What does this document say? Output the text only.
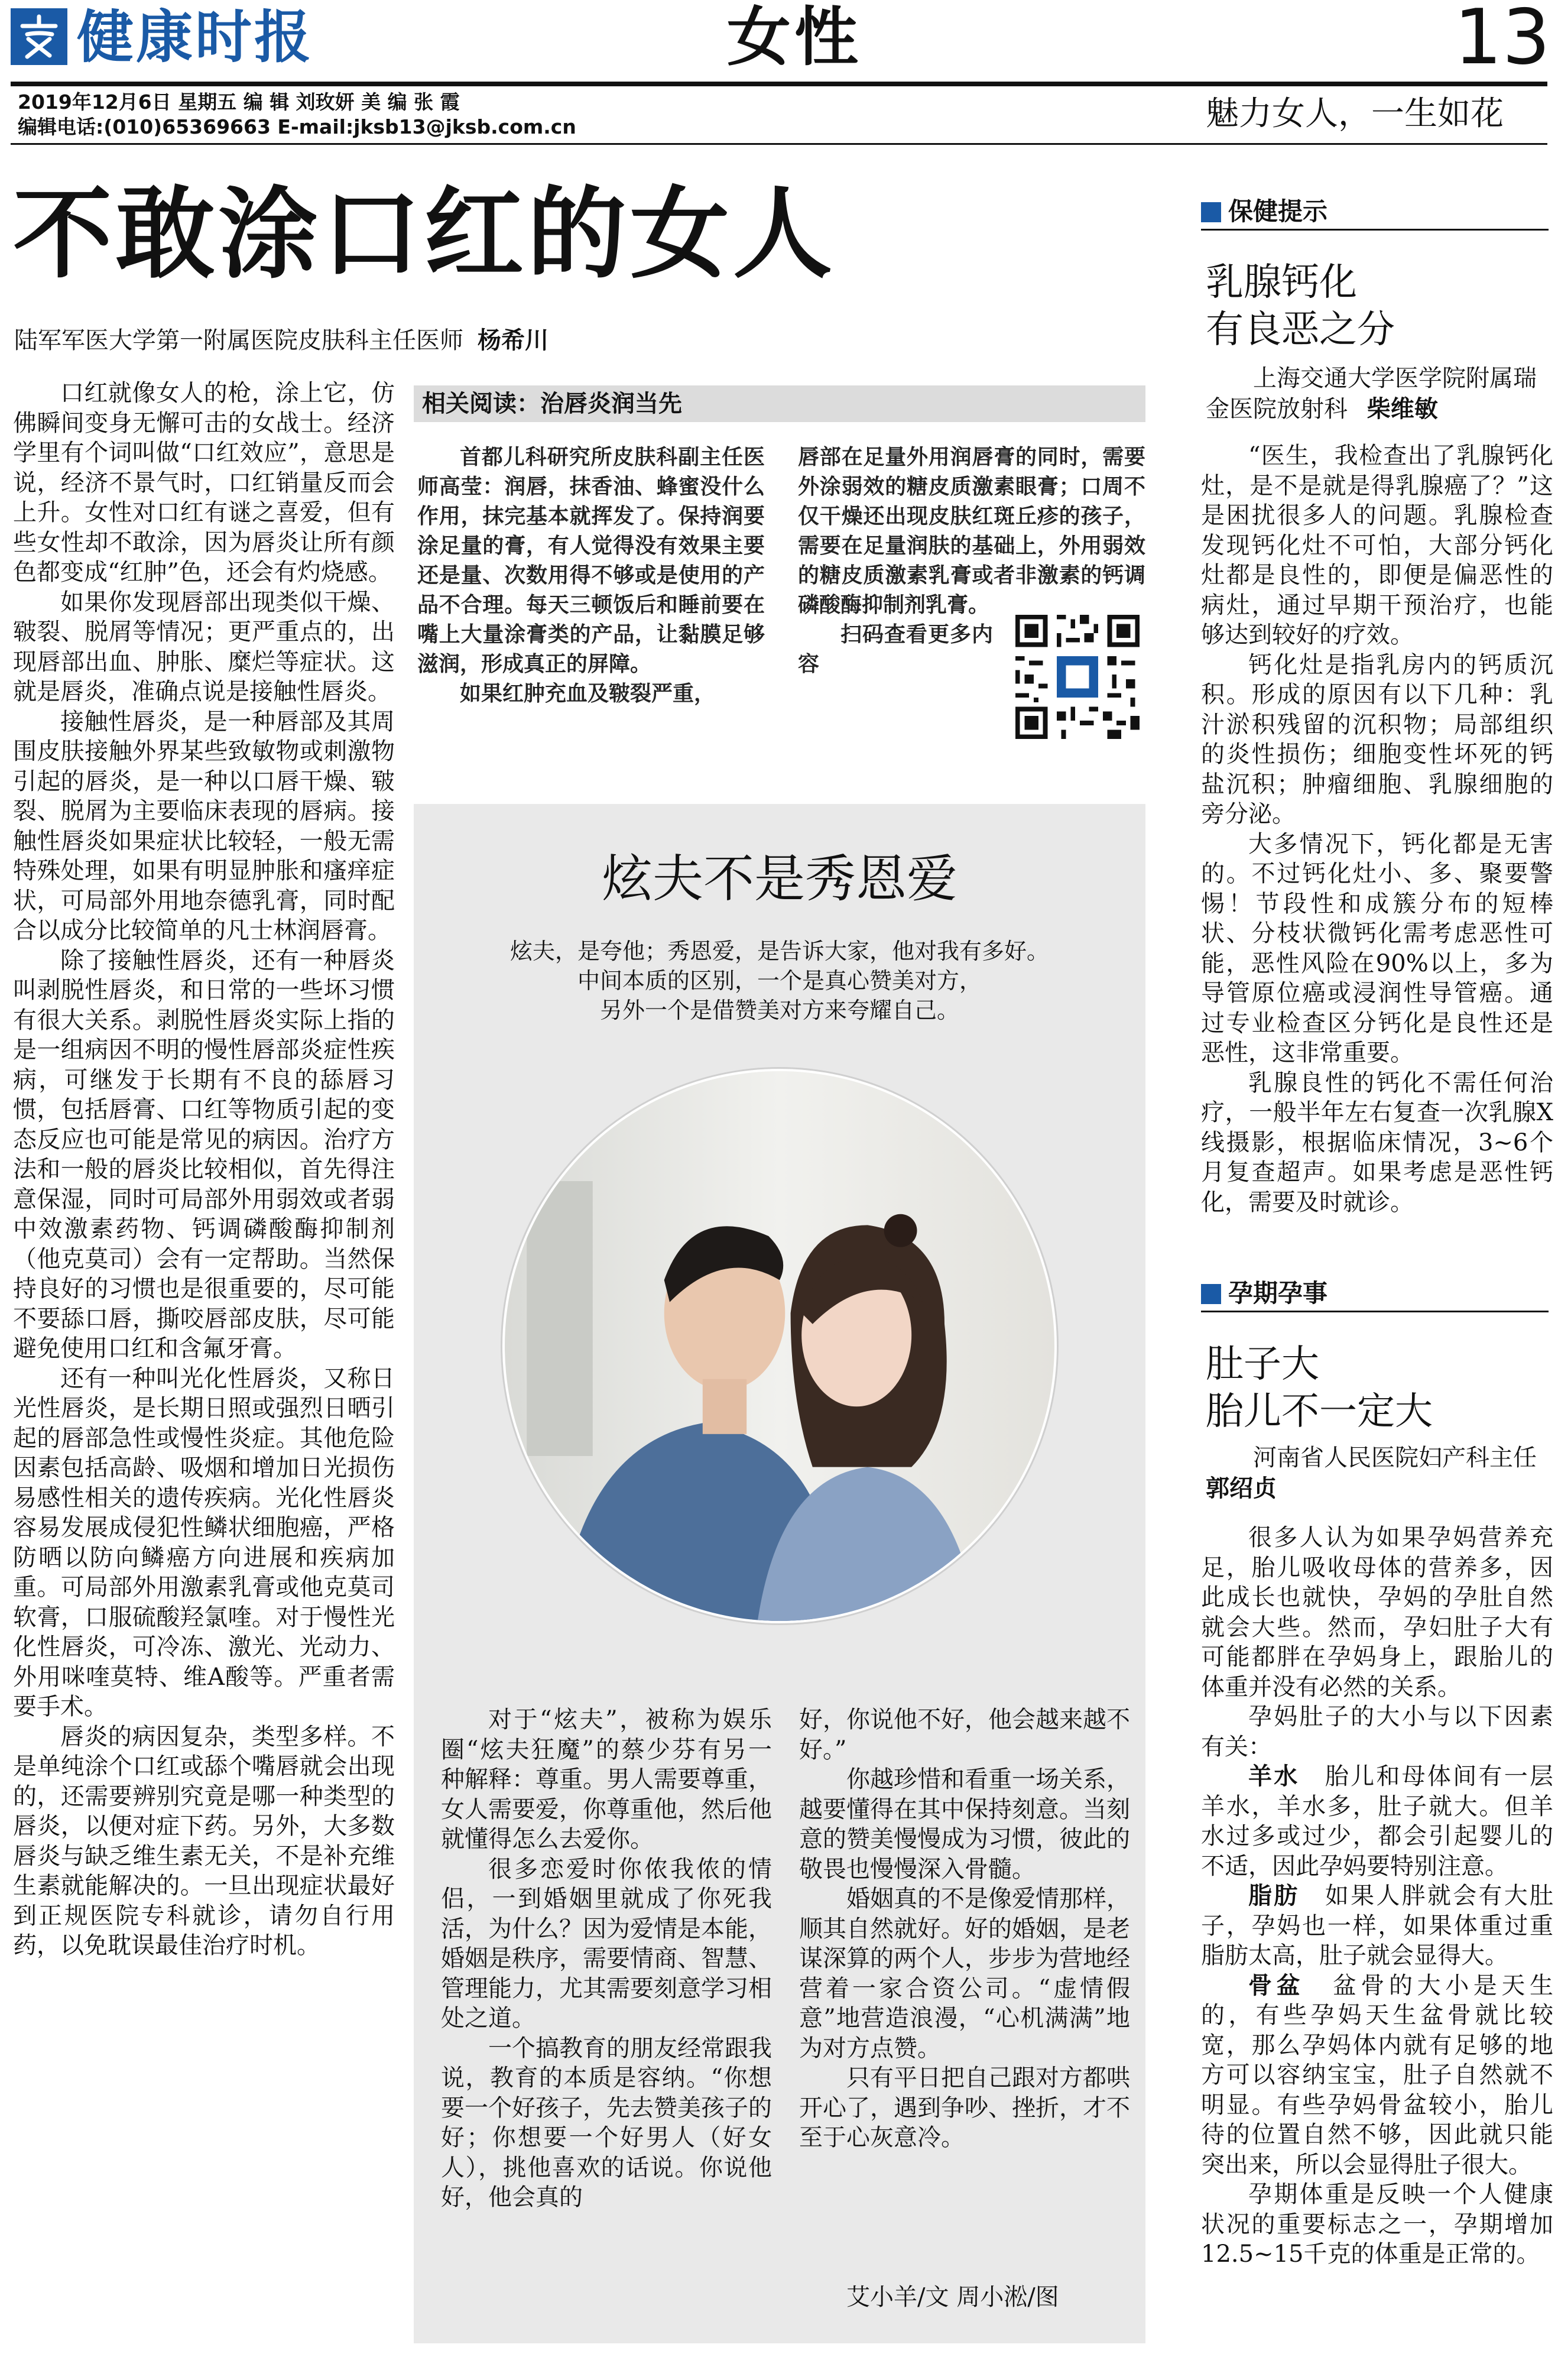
健康时报	女性	13
2019年12月6日 星期五 编 辑 刘玫妍 美 编 张 霞
编辑电话:(010)65369663 E-mail:jksb13@jksb.com.cn	魅力女人，一生如花
不敢涂口红的女人
陆军军医大学第一附属医院皮肤科主任医师 杨希川

口红就像女人的枪，涂上它，仿佛瞬间变身无懈可击的女战士。经济学里有个词叫做“口红效应”，意思是说，经济不景气时，口红销量反而会上升。女性对口红有谜之喜爱，但有些女性却不敢涂，因为唇炎让所有颜色都变成“红肿”色，还会有灼烧感。

如果你发现唇部出现类似干燥、皲裂、脱屑等情况；更严重点的，出现唇部出血、肿胀、糜烂等症状。这就是唇炎，准确点说是接触性唇炎。

接触性唇炎，是一种唇部及其周围皮肤接触外界某些致敏物或刺激物引起的唇炎，是一种以口唇干燥、皲裂、脱屑为主要临床表现的唇病。接触性唇炎如果症状比较轻，一般无需特殊处理，如果有明显肿胀和瘙痒症状，可局部外用地奈德乳膏，同时配合以成分比较简单的凡士林润唇膏。

除了接触性唇炎，还有一种唇炎叫剥脱性唇炎，和日常的一些坏习惯有很大关系。剥脱性唇炎实际上指的是一组病因不明的慢性唇部炎症性疾病，可继发于长期有不良的舔唇习惯，包括唇膏、口红等物质引起的变态反应也可能是常见的病因。治疗方法和一般的唇炎比较相似，首先得注意保湿，同时可局部外用弱效或者弱中效激素药物、钙调磷酸酶抑制剂（他克莫司）会有一定帮助。当然保持良好的习惯也是很重要的，尽可能不要舔口唇，撕咬唇部皮肤，尽可能避免使用口红和含氟牙膏。

还有一种叫光化性唇炎，又称日光性唇炎，是长期日照或强烈日晒引起的唇部急性或慢性炎症。其他危险因素包括高龄、吸烟和增加日光损伤易感性相关的遗传疾病。光化性唇炎容易发展成侵犯性鳞状细胞癌，严格防晒以防向鳞癌方向进展和疾病加重。可局部外用激素乳膏或他克莫司软膏，口服硫酸羟氯喹。对于慢性光化性唇炎，可冷冻、激光、光动力、外用咪喹莫特、维A酸等。严重者需要手术。

唇炎的病因复杂，类型多样。不是单纯涂个口红或舔个嘴唇就会出现的，还需要辨别究竟是哪一种类型的唇炎，以便对症下药。另外，大多数唇炎与缺乏维生素无关，不是补充维生素就能解决的。一旦出现症状最好到正规医院专科就诊，请勿自行用药，以免耽误最佳治疗时机。

相关阅读：治唇炎润当先

首都儿科研究所皮肤科副主任医师高莹：润唇，抹香油、蜂蜜没什么作用，抹完基本就挥发了。保持润要涂足量的膏，有人觉得没有效果主要还是量、次数用得不够或是使用的产品不合理。每天三顿饭后和睡前要在嘴上大量涂膏类的产品，让黏膜足够滋润，形成真正的屏障。

如果红肿充血及皲裂严重，

唇部在足量外用润唇膏的同时，需要外涂弱效的糖皮质激素眼膏；口周不仅干燥还出现皮肤红斑丘疹的孩子，需要在足量润肤的基础上，外用弱效的糖皮质激素乳膏或者非激素的钙调磷酸酶抑制剂乳膏。

扫码查看更多内容

炫夫不是秀恩爱
炫夫，是夸他；秀恩爱，是告诉大家，他对我有多好。
中间本质的区别，一个是真心赞美对方，
另外一个是借赞美对方来夸耀自己。

对于“炫夫”，被称为娱乐圈“炫夫狂魔”的蔡少芬有另一种解释：尊重。男人需要尊重，女人需要爱，你尊重他，然后他就懂得怎么去爱你。

很多恋爱时你侬我侬的情侣，一到婚姻里就成了你死我活，为什么？因为爱情是本能，婚姻是秩序，需要情商、智慧、管理能力，尤其需要刻意学习相处之道。

一个搞教育的朋友经常跟我说，教育的本质是容纳。“你想要一个好孩子，先去赞美孩子的好；你想要一个好男人（好女人），挑他喜欢的话说。你说他好，他会真的

好，你说他不好，他会越来越不好。”

你越珍惜和看重一场关系，越要懂得在其中保持刻意。当刻意的赞美慢慢成为习惯，彼此的敬畏也慢慢深入骨髓。

婚姻真的不是像爱情那样，顺其自然就好。好的婚姻，是老谋深算的两个人，步步为营地经营着一家合资公司。“虚情假意”地营造浪漫，“心机满满”地为对方点赞。

只有平日把自己跟对方都哄开心了，遇到争吵、挫折，才不至于心灰意冷。

艾小羊/文 周小淞/图
保健提示
乳腺钙化
有良恶之分
上海交通大学医学院附属瑞金医院放射科 柴维敏

“医生，我检查出了乳腺钙化灶，是不是就是得乳腺癌了？”这是困扰很多人的问题。乳腺检查发现钙化灶不可怕，大部分钙化灶都是良性的，即便是偏恶性的病灶，通过早期干预治疗，也能够达到较好的疗效。

钙化灶是指乳房内的钙质沉积。形成的原因有以下几种：乳汁淤积残留的沉积物；局部组织的炎性损伤；细胞变性坏死的钙盐沉积；肿瘤细胞、乳腺细胞的旁分泌。

大多情况下，钙化都是无害的。不过钙化灶小、多、聚要警惕！节段性和成簇分布的短棒状、分枝状微钙化需考虑恶性可能，恶性风险在90%以上，多为导管原位癌或浸润性导管癌。通过专业检查区分钙化是良性还是恶性，这非常重要。

乳腺良性的钙化不需任何治疗，一般半年左右复查一次乳腺X线摄影，根据临床情况，3~6个月复查超声。如果考虑是恶性钙化，需要及时就诊。

孕期孕事
肚子大
胎儿不一定大
河南省人民医院妇产科主任
郭绍贞

很多人认为如果孕妈营养充足，胎儿吸收母体的营养多，因此成长也就快，孕妈的孕肚自然就会大些。然而，孕妇肚子大有可能都胖在孕妈身上，跟胎儿的体重并没有必然的关系。

孕妈肚子的大小与以下因素有关：

羊水　 胎儿和母体间有一层羊水，羊水多，肚子就大。但羊水过多或过少，都会引起婴儿的不适，因此孕妈要特别注意。

脂肪　 如果人胖就会有大肚子，孕妈也一样，如果体重过重脂肪太高，肚子就会显得大。

骨盆　 盆骨的大小是天生的，有些孕妈天生盆骨就比较宽，那么孕妈体内就有足够的地方可以容纳宝宝，肚子自然就不明显。有些孕妈骨盆较小，胎儿待的位置自然不够，因此就只能突出来，所以会显得肚子很大。

孕期体重是反映一个人健康状况的重要标志之一，孕期增加12.5~15千克的体重是正常的。
